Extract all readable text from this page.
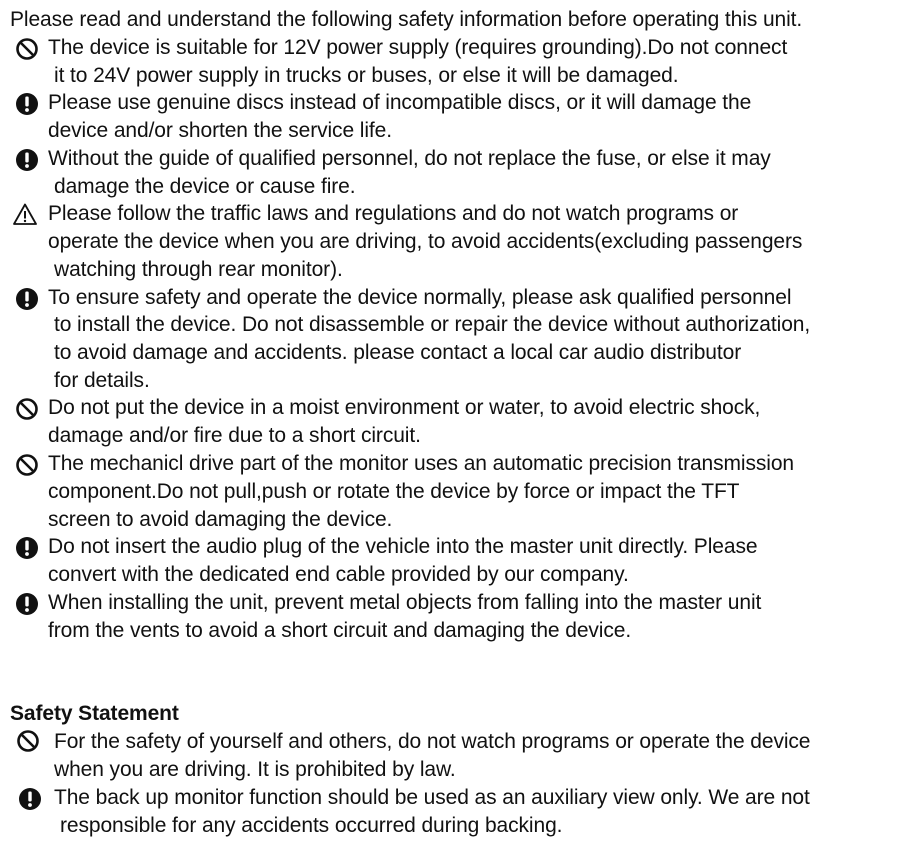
Please read and understand the following safety information before operating this unit.
The device is suitable for 12V power supply (requires grounding).Do not connect
it to 24V power supply in trucks or buses, or else it will be damaged.
Please use genuine discs instead of incompatible discs, or it will damage the
device and/or shorten the service life.
Without the guide of qualified personnel, do not replace the fuse, or else it may
damage the device or cause fire.
Please follow the traffic laws and regulations and do not watch programs or
operate the device when you are driving, to avoid accidents(excluding passengers
watching through rear monitor).
To ensure safety and operate the device normally, please ask qualified personnel
to install the device. Do not disassemble or repair the device without authorization,
to avoid damage and accidents. please contact a local car audio distributor
for details.
Do not put the device in a moist environment or water, to avoid electric shock,
damage and/or fire due to a short circuit.
The mechanicl drive part of the monitor uses an automatic precision transmission
component.Do not pull,push or rotate the device by force or impact the TFT
screen to avoid damaging the device.
Do not insert the audio plug of the vehicle into the master unit directly. Please
convert with the dedicated end cable provided by our company.
When installing the unit, prevent metal objects from falling into the master unit
from the vents to avoid a short circuit and damaging the device.
Safety Statement
For the safety of yourself and others, do not watch programs or operate the device
when you are driving. It is prohibited by law.
The back up monitor function should be used as an auxiliary view only. We are not
responsible for any accidents occurred during backing.
